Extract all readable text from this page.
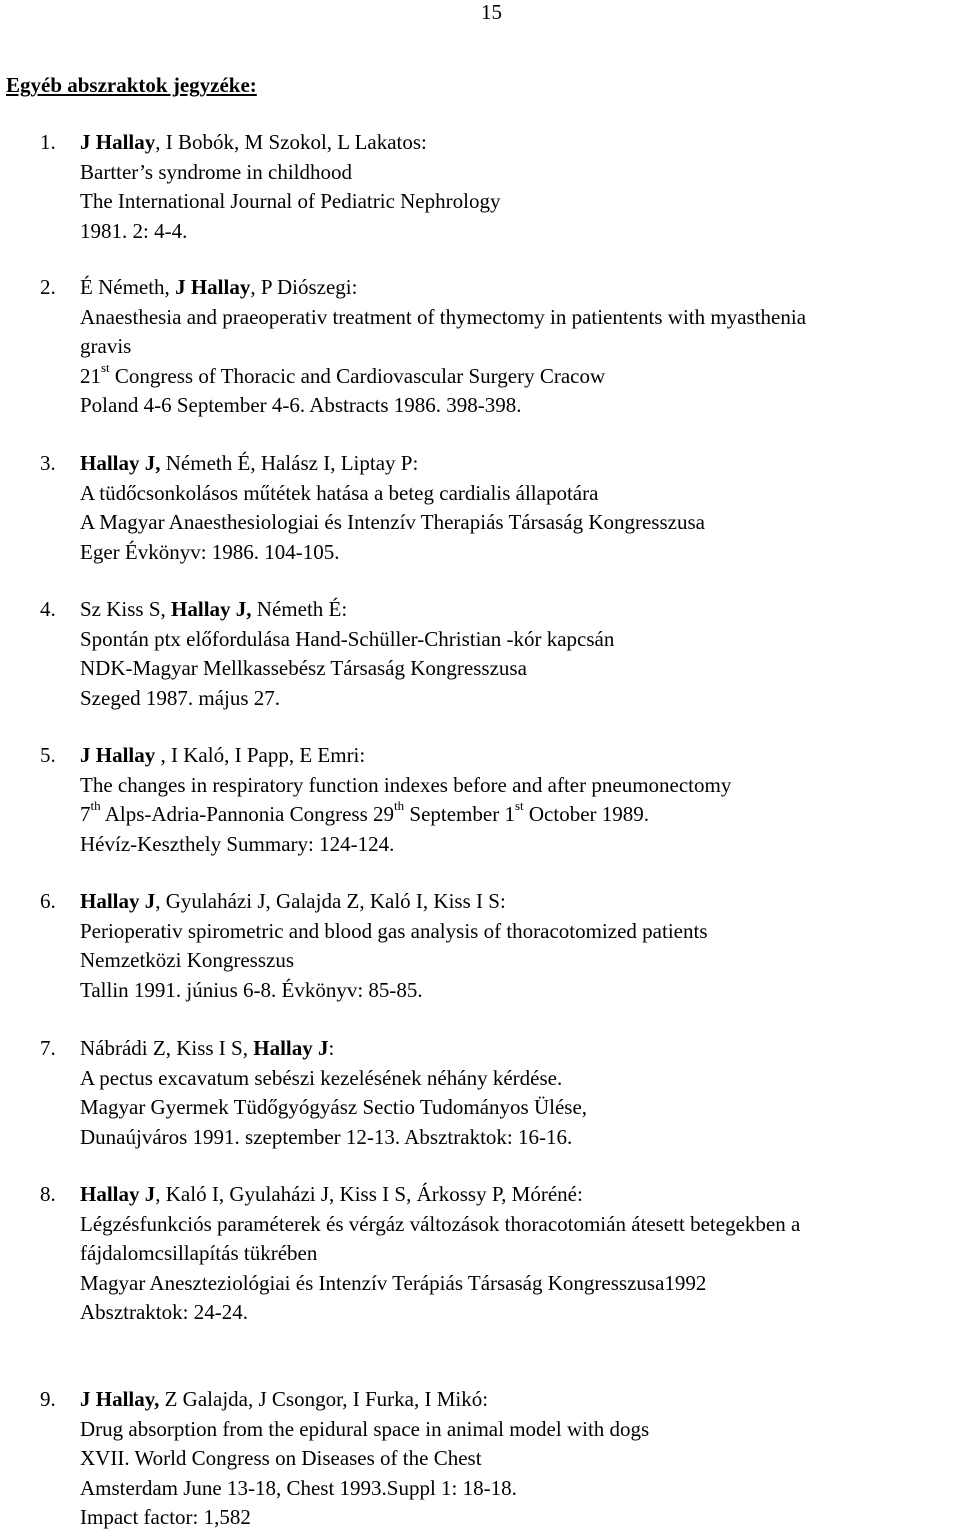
15
Egyéb abszraktok jegyzéke:
1. J Hallay, I Bobók, M Szokol, L Lakatos:
Bartter’s syndrome in childhood
The International Journal of Pediatric Nephrology
1981. 2: 4-4.
2. É Németh, J Hallay, P Diószegi:
Anaesthesia and praeoperativ treatment of thymectomy in patientents with myasthenia
gravis
21st Congress of Thoracic and Cardiovascular Surgery Cracow
Poland 4-6 September 4-6. Abstracts 1986. 398-398.
3. Hallay J, Németh É, Halász I, Liptay P:
A tüdőcsonkolásos műtétek hatása a beteg cardialis állapotára
A Magyar Anaesthesiologiai és Intenzív Therapiás Társaság Kongresszusa
Eger Évkönyv: 1986. 104-105.
4. Sz Kiss S, Hallay J, Németh É:
Spontán ptx előfordulása Hand-Schüller-Christian -kór kapcsán
NDK-Magyar Mellkassebész Társaság Kongresszusa
Szeged 1987. május 27.
5. J Hallay , I Kaló, I Papp, E Emri:
The changes in respiratory function indexes before and after pneumonectomy
7th Alps-Adria-Pannonia Congress 29th September 1st October 1989.
Hévíz-Keszthely Summary: 124-124.
6. Hallay J, Gyulaházi J, Galajda Z, Kaló I, Kiss I S:
Perioperativ spirometric and blood gas analysis of thoracotomized patients
Nemzetközi Kongresszus
Tallin 1991. június 6-8. Évkönyv: 85-85.
7. Nábrádi Z, Kiss I S, Hallay J:
A pectus excavatum sebészi kezelésének néhány kérdése.
Magyar Gyermek Tüdőgyógyász Sectio Tudományos Ülése,
Dunaújváros 1991. szeptember 12-13. Absztraktok: 16-16.
8. Hallay J, Kaló I, Gyulaházi J, Kiss I S, Árkossy P, Móréné:
Légzésfunkciós paraméterek és vérgáz változások thoracotomián átesett betegekben a
fájdalomcsillapítás tükrében
Magyar Aneszteziológiai és Intenzív Terápiás Társaság Kongresszusa1992
Absztraktok: 24-24.
9. J Hallay, Z Galajda, J Csongor, I Furka, I Mikó:
Drug absorption from the epidural space in animal model with dogs
XVII. World Congress on Diseases of the Chest
Amsterdam June 13-18, Chest 1993.Suppl 1: 18-18.
Impact factor: 1,582
